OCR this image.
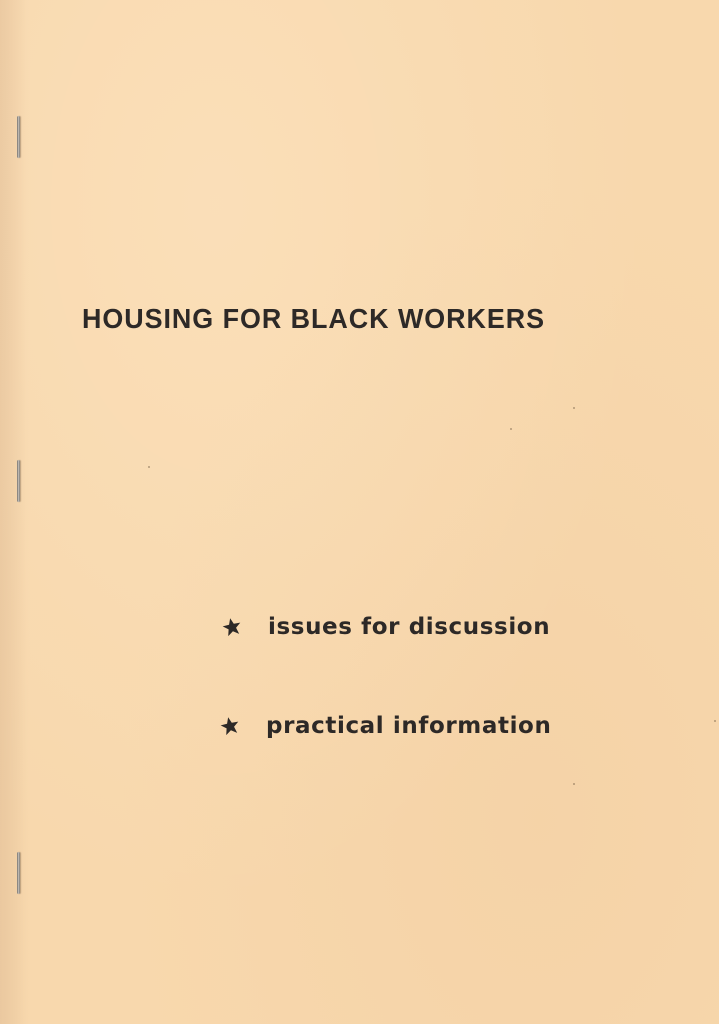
HOUSING FOR BLACK WORKERS
issues for discussion
practical information
